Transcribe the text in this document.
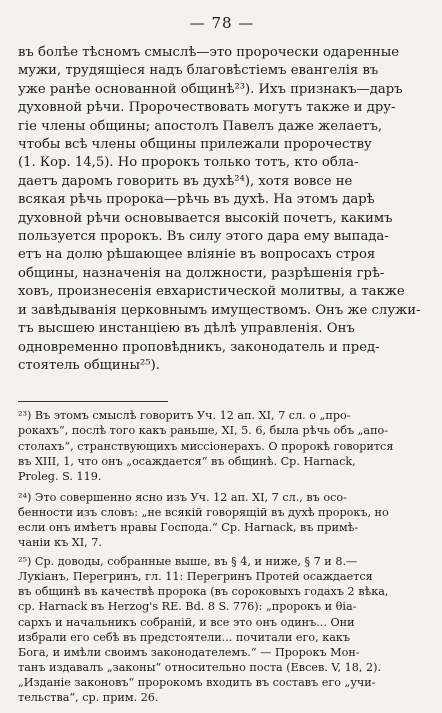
— 78 —
въ болѣе тѣсномъ смыслѣ—это пророчески одаренные
мужи, трудящіеся надъ благовѣстіемъ евангелія въ
уже ранѣе основанной общинѣ²³). Ихъ признакъ—даръ
духовной рѣчи. Пророчествовать могутъ также и дру-
гіе члены общины; апостолъ Павелъ даже желаетъ,
чтобы всѣ члены общины прилежали пророчеству
(1. Кор. 14,5). Но пророкъ только тотъ, кто облa-
даетъ даромъ говорить въ духѣ²⁴), хотя вовсе не
всякая рѣчь пророка—рѣчь въ духѣ. На этомъ дарѣ
духовной рѣчи основывается высокій почетъ, какимъ
пользуется пророкъ. Въ силу этого дара ему выпада-
етъ на долю рѣшающее вліяніе въ вопросахъ строя
общины, назначенія на должности, разрѣшенія грѣ-
ховъ, произнесенія евхаристической молитвы, а также
и завѣдыванія церковнымъ имуществомъ. Онъ же служи-
тъ высшею инстанціею въ дѣлѣ управленія. Онъ
одновременно проповѣдникъ, законодатель и пред-
стоятель общины²⁵).
²³) Въ этомъ смыслѣ говоритъ Уч. 12 ап. XI, 7 сл. о „про-
рокахъ“, послѣ того какъ раньше, XI, 5. 6, была рѣчь объ „апо-
столахъ“, странствующихъ миссіонерахъ. О пророкѣ говорится
въ XIII, 1, что онъ „осаждается“ въ общинѣ. Ср. Harnack,
Proleg. S. 119.
²⁴) Это совершенно ясно изъ Уч. 12 ап. XI, 7 сл., въ осо-
бенности изъ словъ: „не всякій говорящій въ духѣ пророкъ, но
если онъ имѣетъ нравы Господа.“ Ср. Harnack, въ примѣ-
чаніи къ XI, 7.
²⁵) Ср. доводы, собранные выше, въ § 4, и ниже, § 7 и 8.—
Лукіанъ, Перегринъ, гл. 11: Перегринъ Протей осаждается
въ общинѣ въ качествѣ пророка (въ сороковыхъ годахъ 2 вѣка,
ср. Harnack въ Herzog's RE. Bd. 8 S. 776): „пророкъ и θіа-
сархъ и начальникъ собраній, и все это онъ одинъ... Они
избрали его себѣ въ предстоятели... почитали его, какъ
Бога, и имѣли своимъ законодателемъ.“ — Пророкъ Мон-
танъ издавалъ „законы“ относительно поста (Евсев. V, 18, 2).
„Изданіе законовъ“ пророкомъ входить въ составъ его „учи-
тельства“, ср. прим. 26.
